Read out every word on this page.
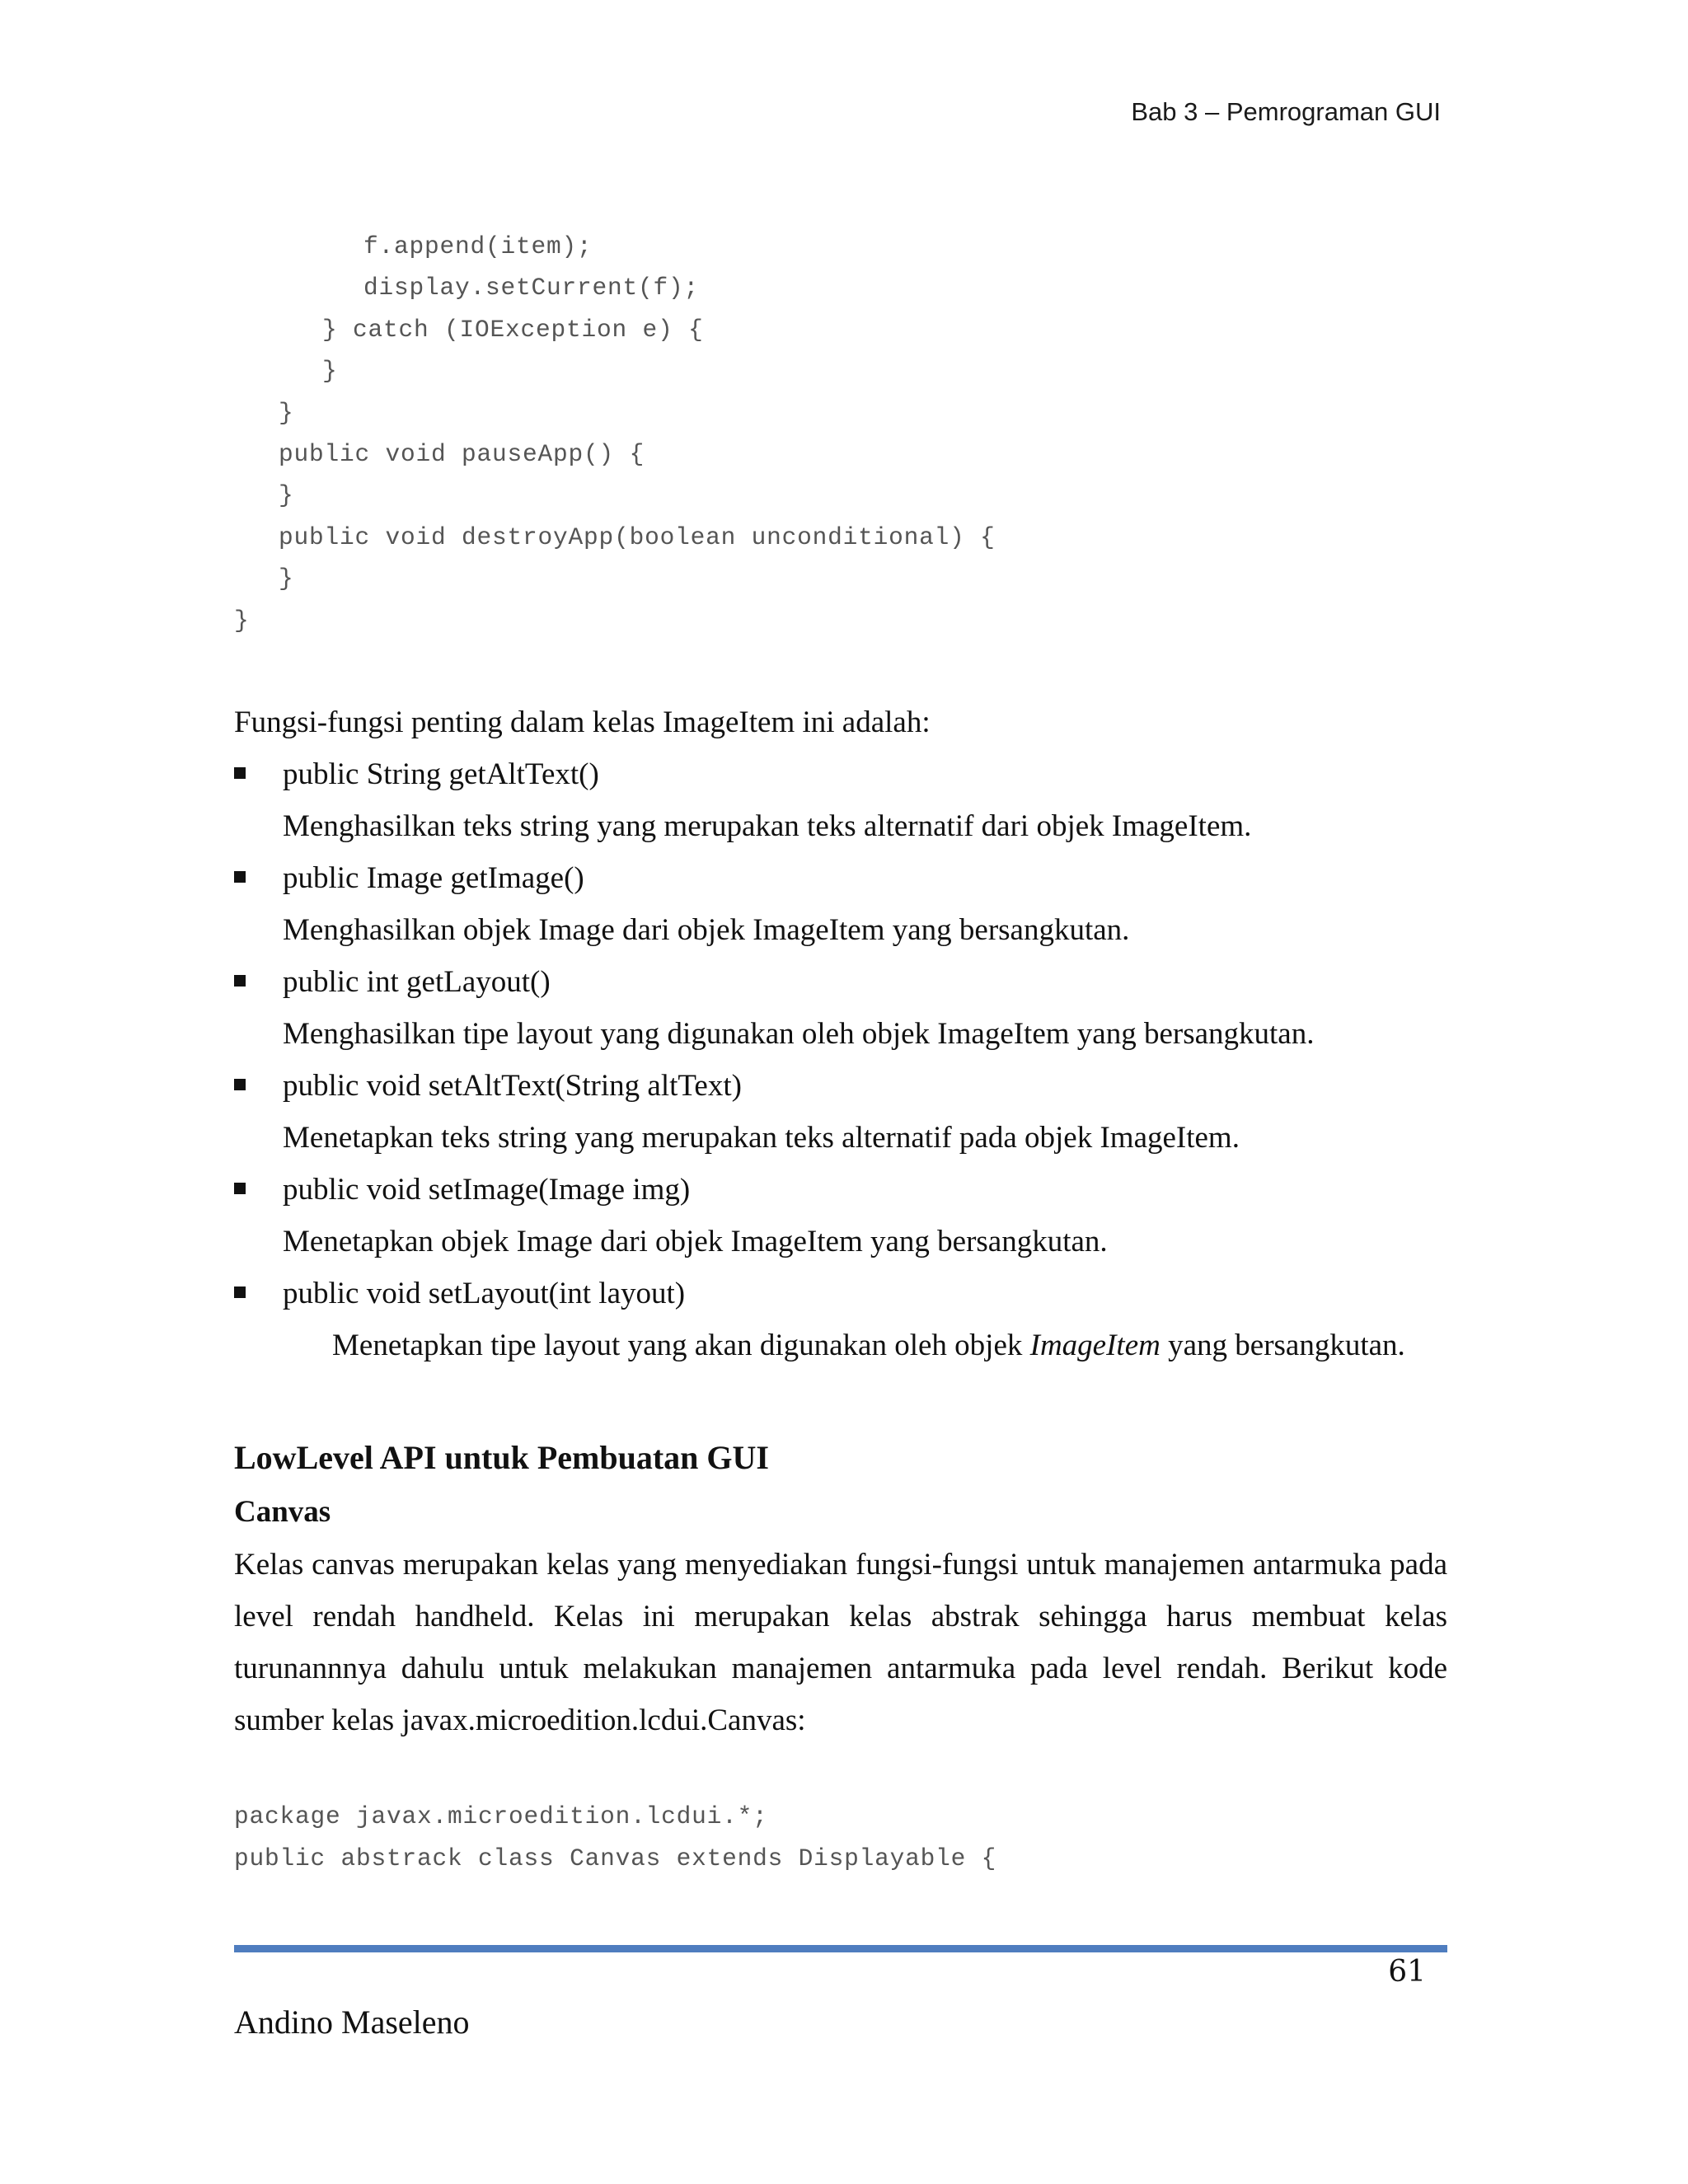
Bab 3 – Pemrograman GUI
f.append(item);
display.setCurrent(f);
} catch (IOException e) {
}
}
public void pauseApp() {
}
public void destroyApp(boolean unconditional) {
}
}
Fungsi-fungsi penting dalam kelas ImageItem ini adalah:
public String getAltText()
Menghasilkan teks string yang merupakan teks alternatif dari objek ImageItem.
public Image getImage()
Menghasilkan objek Image dari objek ImageItem yang bersangkutan.
public int getLayout()
Menghasilkan tipe layout yang digunakan oleh objek ImageItem yang bersangkutan.
public void setAltText(String altText)
Menetapkan teks string yang merupakan teks alternatif pada objek ImageItem.
public void setImage(Image img)
Menetapkan objek Image dari objek ImageItem yang bersangkutan.
public void setLayout(int layout)
Menetapkan tipe layout yang akan digunakan oleh objek ImageItem yang bersangkutan.
LowLevel API untuk Pembuatan GUI
Canvas
Kelas canvas merupakan kelas yang menyediakan fungsi-fungsi untuk manajemen antarmuka pada level rendah handheld. Kelas ini merupakan kelas abstrak sehingga harus membuat kelas turunannnya dahulu untuk melakukan manajemen antarmuka pada level rendah. Berikut kode sumber kelas javax.microedition.lcdui.Canvas:
package javax.microedition.lcdui.*;
public abstrack class Canvas extends Displayable {
61
Andino Maseleno
